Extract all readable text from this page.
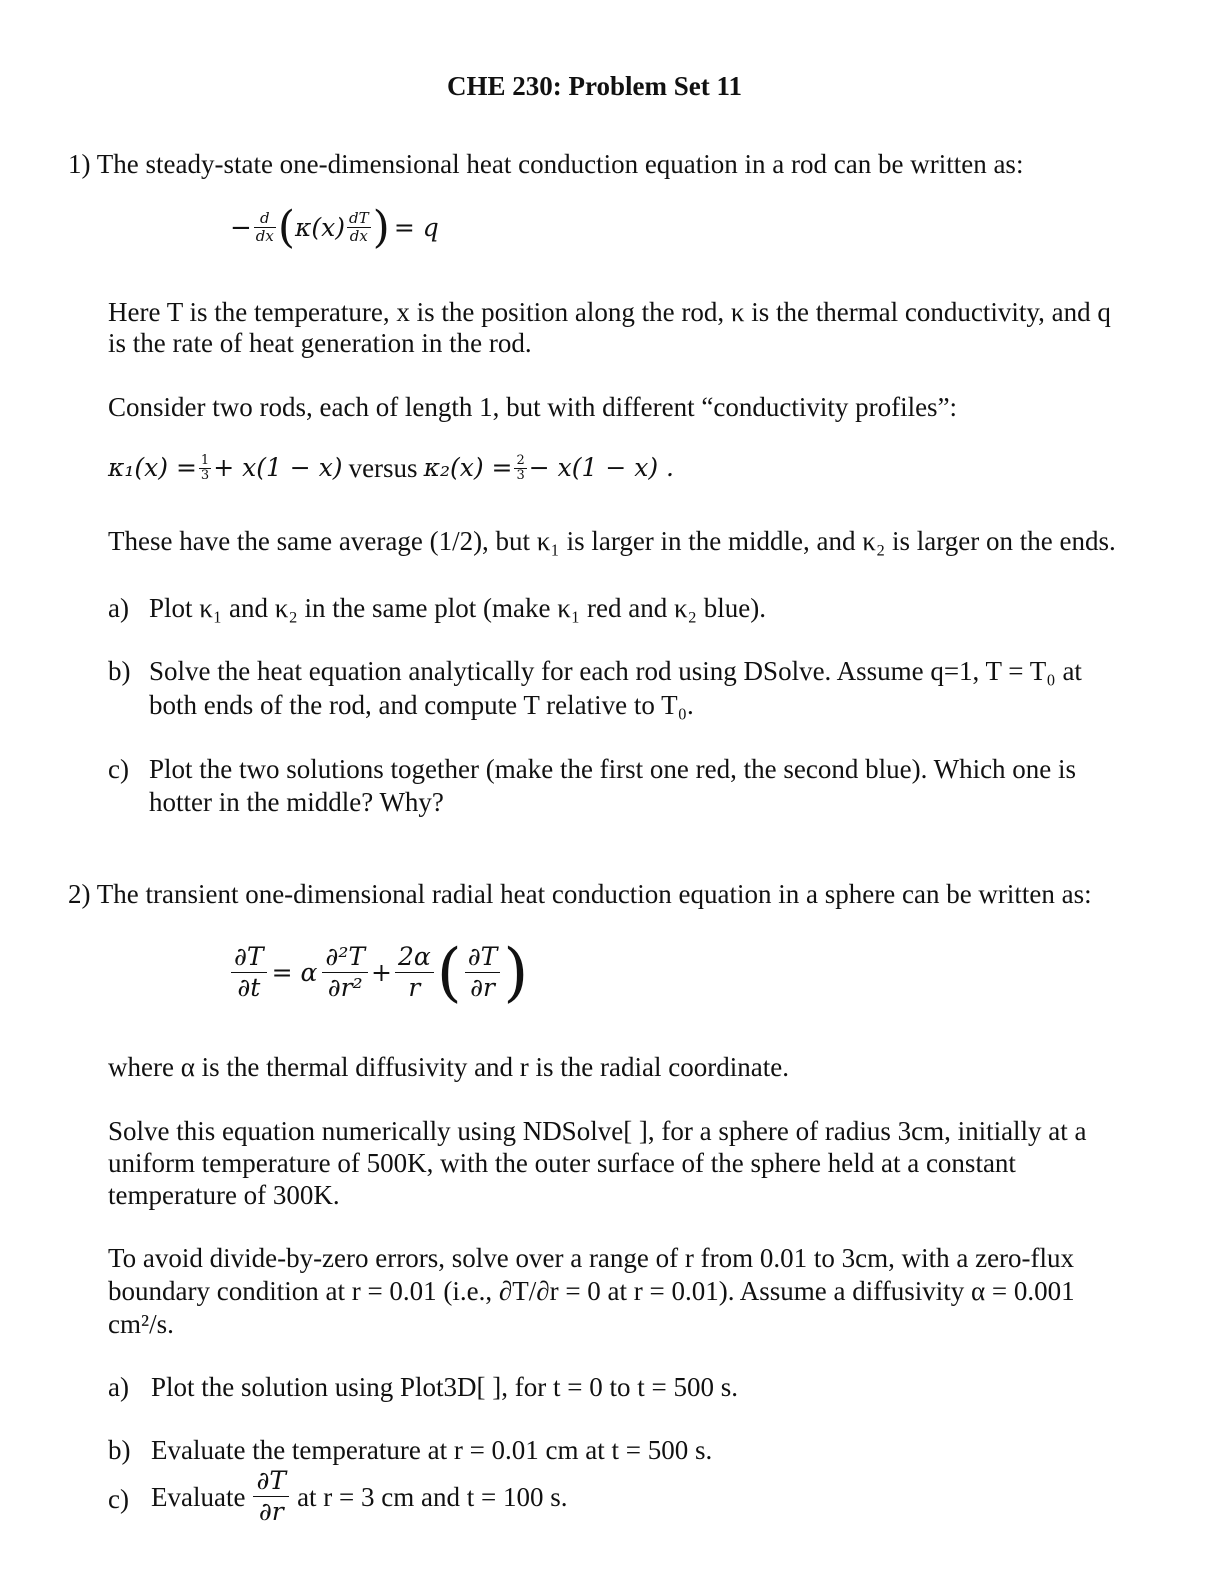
CHE 230: Problem Set 11
1) The steady-state one-dimensional heat conduction equation in a rod can be written as:
− $\frac{d}{dx}$ ( $\kappa(x) \frac{dT}{dx}$ ) = q
Here T is the temperature, x is the position along the rod, κ is the thermal conductivity, and q
is the rate of heat generation in the rod.
Consider two rods, each of length 1, but with different “conductivity profiles”:
$\kappa_1(x) = \frac{1}{3} + x(1 - x)$ versus $\kappa_2(x) = \frac{2}{3} - x(1 - x)$ .
These have the same average (1/2), but κ₁ is larger in the middle, and κ₂ is larger on the ends.
a) Plot κ₁ and κ₂ in the same plot (make κ₁ red and κ₂ blue).
b) Solve the heat equation analytically for each rod using DSolve. Assume q=1, T = T₀ at
both ends of the rod, and compute T relative to T₀.
c) Plot the two solutions together (make the first one red, the second blue). Which one is
hotter in the middle? Why?
2) The transient one-dimensional radial heat conduction equation in a sphere can be written as:
$\frac{\partial T}{\partial t} = \alpha \frac{\text{∂²T}}{\text{∂r²}} + \frac{2\alpha}{r}$ ( $\frac{\partial T}{\partial r}$ )
where α is the thermal diffusivity and r is the radial coordinate.
Solve this equation numerically using NDSolve[ ], for a sphere of radius 3cm, initially at a
uniform temperature of 500K, with the outer surface of the sphere held at a constant
temperature of 300K.
To avoid divide-by-zero errors, solve over a range of r from 0.01 to 3cm, with a zero-flux
boundary condition at r = 0.01 (i.e., ∂T/∂r = 0 at r = 0.01). Assume a diffusivity α = 0.001
cm²/s.
a) Plot the solution using Plot3D[ ], for t = 0 to t = 500 s.
b) Evaluate the temperature at r = 0.01 cm at t = 500 s.
c) Evaluate $\frac{\partial T}{\partial r}$ at r = 3 cm and t = 100 s.
